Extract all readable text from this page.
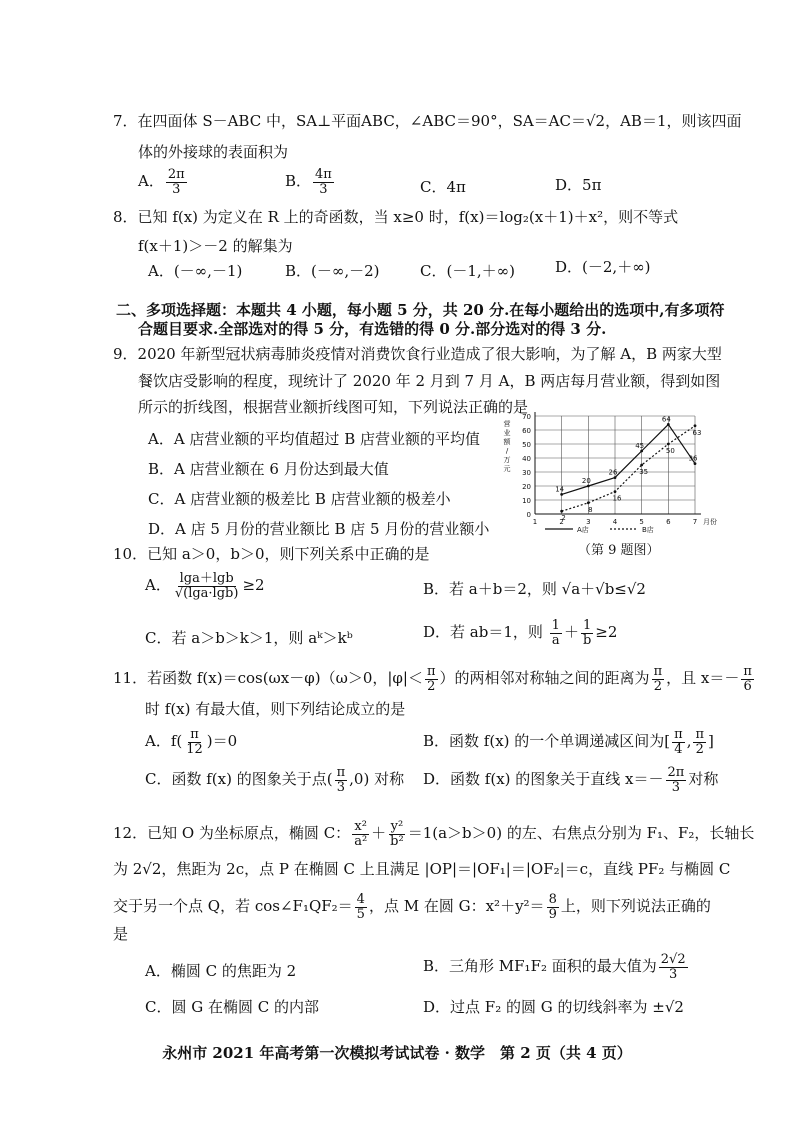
7．在四面体 S－ABC 中，SA⊥平面ABC，∠ABC＝90°，SA＝AC＝√2，AB＝1，则该四面
体的外接球的表面积为
A． $\frac{2\pi}{3}$	B． $\frac{4\pi}{3}$	C．4π	D．5π
8．已知 f(x) 为定义在 R 上的奇函数，当 x≥0 时，f(x)＝log₂(x＋1)＋x²，则不等式
f(x＋1)＞－2 的解集为
A．(－∞,－1)	B．(－∞,－2)	C．(－1,＋∞)	D．(－2,＋∞)
二、多项选择题：本题共 4 小题，每小题 5 分，共 20 分.在每小题给出的选项中,有多项符
合题目要求.全部选对的得 5 分，有选错的得 0 分.部分选对的得 3 分.
9．2020 年新型冠状病毒肺炎疫情对消费饮食行业造成了很大影响，为了解 A，B 两家大型
餐饮店受影响的程度，现统计了 2020 年 2 月到 7 月 A，B 两店每月营业额，得到如图
所示的折线图，根据营业额折线图可知，下列说法正确的是
A．A 店营业额的平均值超过 B 店营业额的平均值
B．A 店营业额在 6 月份达到最大值
C．A 店营业额的极差比 B 店营业额的极差小
D．A 店 5 月份的营业额比 B 店 5 月份的营业额小
0
10
20
30
40
50
60
70
1	2	3	4	5	6	7
营
业
额
/
万
元
月份
14
20
26
45
64
36
2
8
16
35
50
63
A店	B店
（第 9 题图）
10．已知 a＞0，b＞0，则下列关系中正确的是
A． $\frac{\lg a+\lg b}{√(\lg a\cdot\lg b)} \ge 2$	B．若 a＋b＝2，则 √a＋√b≤√2
C．若 a＞b＞k＞1，则 aᵏ＞kᵇ	D．若 ab＝1，则 $\frac{1}{a} + \frac{1}{b} \ge 2$
11．若函数 f(x)＝cos(ωx－φ)（ω＞0，$|\varphi|< \frac{\pi}{2}$ ）的两相邻对称轴之间的距离为 $\frac{\pi}{2}$ ，且 $x=- \frac{\pi}{6}$
时 f(x) 有最大值，则下列结论成立的是
A．$f( \frac{\pi}{12} )=0$	B．函数 f(x) 的一个单调递减区间为[ $\frac{\pi}{4}$ , $\frac{\pi}{2}$ ]
C．函数 f(x) 的图象关于点( $\frac{\pi}{3} ,0$) 对称 D．函数 f(x) 的图象关于直线 $x=- \frac{2\pi}{3}$ 对称
12．已知 O 为坐标原点，椭圆 C： $\frac{\text{x²}}{\text{a²}} + \frac{\text{y²}}{\text{b²}} =1(a>b>0)$ 的左、右焦点分别为 F₁、F₂，长轴长
为 2√2，焦距为 2c，点 P 在椭圆 C 上且满足 |OP|＝|OF₁|＝|OF₂|＝c，直线 PF₂ 与椭圆 C
交于另一个点 Q，若 cos∠F₁QF₂＝ $\frac{4}{5}$ ，点 M 在圆 G：$x^2+y^2= \frac{8}{9}$ 上，则下列说法正确的
是
A．椭圆 C 的焦距为 2	B．三角形 MF₁F₂ 面积的最大值为 $\frac{2√2}{3}$
C．圆 G 在椭圆 C 的内部	D．过点 F₂ 的圆 G 的切线斜率为 ±√2
永州市 2021 年高考第一次模拟考试试卷 · 数学　第 2 页（共 4 页）
